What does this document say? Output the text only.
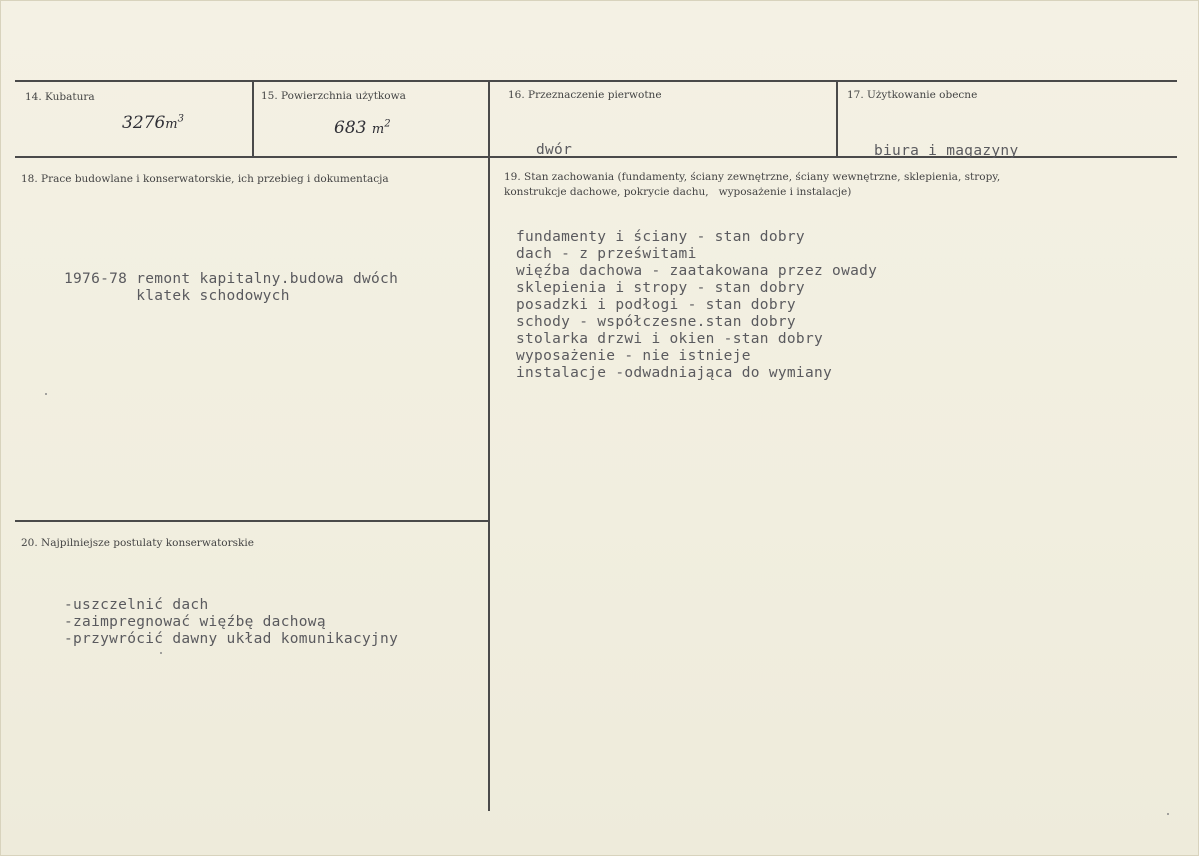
14. Kubatura
$3276m^3$
15. Powierzchnia użytkowa
683 $m^2$
16. Przeznaczenie pierwotne
dwór
17. Użytkowanie obecne
biura i magazyny
18. Prace budowlane i konserwatorskie, ich przebieg i dokumentacja
1976-78 remont kapitalny.budowa dwóch
klatek schodowych
19. Stan zachowania (fundamenty, ściany zewnętrzne, ściany wewnętrzne, sklepienia, stropy,
konstrukcje dachowe, pokrycie dachu,   wyposażenie i instalacje)
fundamenty i ściany - stan dobry
dach - z prześwitami
więźba dachowa - zaatakowana przez owady
sklepienia i stropy - stan dobry
posadzki i podłogi - stan dobry
schody - współczesne.stan dobry
stolarka drzwi i okien -stan dobry
wyposażenie - nie istnieje
instalacje -odwadniająca do wymiany
20. Najpilniejsze postulaty konserwatorskie
-uszczelnić dach
-zaimpregnować więźbę dachową
-przywrócić dawny układ komunikacyjny
